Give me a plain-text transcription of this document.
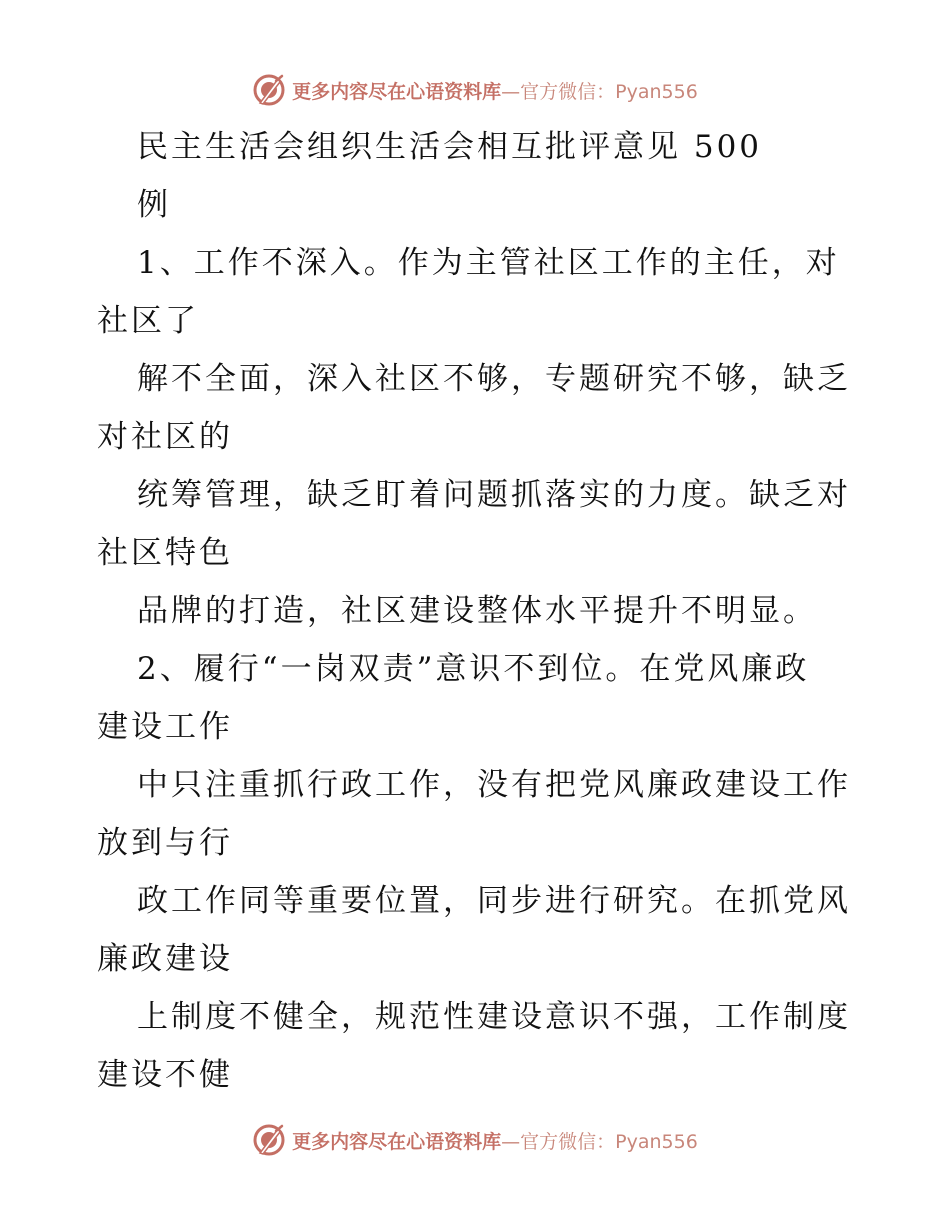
更多内容尽在心语资料库—官方微信：Pyan556
民主生活会组织生活会相互批评意见 500
例
1、工作不深入。作为主管社区工作的主任，对
社区了
解不全面，深入社区不够，专题研究不够，缺乏
对社区的
统筹管理，缺乏盯着问题抓落实的力度。缺乏对
社区特色
品牌的打造，社区建设整体水平提升不明显。
2、履行“一岗双责”意识不到位。在党风廉政
建设工作
中只注重抓行政工作，没有把党风廉政建设工作
放到与行
政工作同等重要位置，同步进行研究。在抓党风
廉政建设
上制度不健全，规范性建设意识不强，工作制度
建设不健
更多内容尽在心语资料库—官方微信：Pyan556
